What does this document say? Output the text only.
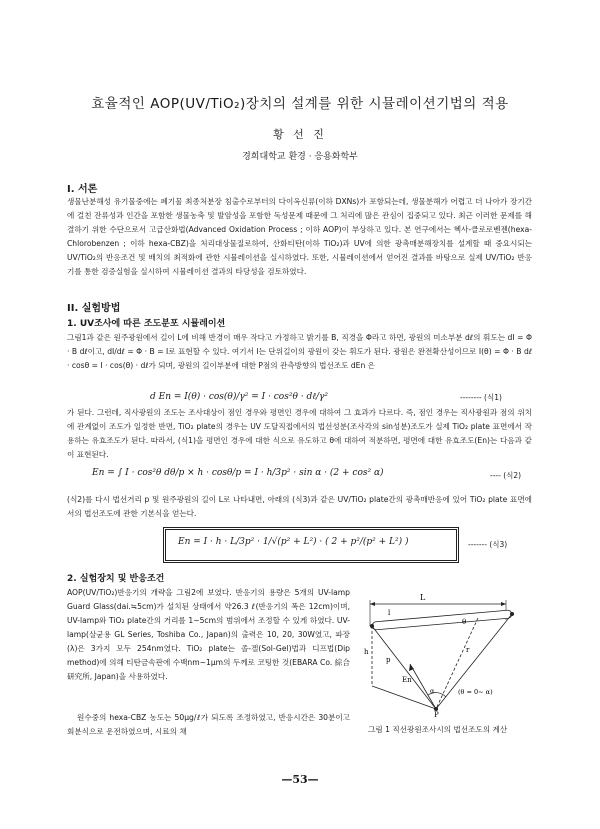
효율적인 AOP(UV/TiO₂)장치의 설계를 위한 시뮬레이션기법의 적용
황 선 진
경희대학교 환경 · 응용화학부
I. 서론

생물난분해성 유기물중에는 폐기물 최종처분장 침출수로부터의 다이옥신류(이하 DXNs)가 포함되는데, 생물분해가 어렵고 더 나아가 장기간에 걸친 잔류성과 인간을 포함한 생물농축 및 발암성을 포함한 독성문제 때문에 그 처리에 많은 관심이 집중되고 있다. 최근 이러한 문제를 해결하기 위한 수단으로서 고급산화법(Advanced Oxidation Process ; 이하 AOP)이 부상하고 있다. 본 연구에서는 헥사-클로로벤젠(hexa-Chlorobenzen ; 이하 hexa-CBZ)을 처리대상물질로하여, 산화티탄(이하 TiO₂)과 UV에 의한 광촉매분해장치를 설계할 때 중요시되는 UV/TiO₂의 반응조건 및 배치의 최적화에 관한 시뮬레이션을 실시하였다. 또한, 시뮬레이션에서 얻어진 결과를 바탕으로 실제 UV/TiO₂ 반응기를 통한 검증실험을 실시하여 시뮬레이션 결과의 타당성을 검토하였다.

II. 실험방법
1. UV조사에 따른 조도분포 시뮬레이션

그림1과 같은 원주광원에서 길이 L에 비해 반경이 매우 작다고 가정하고 밝기를 B, 직경을 Φ라고 하면, 광원의 미소부분 dℓ의 휘도는 dI = Φ · B dℓ이고, dI/dℓ = Φ · B = I로 표현할 수 있다. 여기서 I는 단위길이의 광원이 갖는 휘도가 된다. 광원은 완전확산성이므로 I(θ) = Φ · B dℓ · cosθ = I · cos(θ) · dℓ가 되며, 광원의 길이부분에 대한 P점의 관측방향의 법선조도 dEn 은

d En = I(θ) · cos(θ)/γ² = I · cos²θ · dℓ/γ²	-------- (식1)

가 된다. 그런데, 직사광원의 조도는 조사대상이 점인 경우와 평면인 경우에 대하여 그 효과가 다르다. 즉, 점인 경우는 직사광원과 점의 위치에 관계없이 조도가 일정한 반면, TiO₂ plate의 경우는 UV 도달직접에서의 법선성분(조사각의 sin성분)조도가 실제 TiO₂ plate 표면에서 작용하는 유효조도가 된다. 따라서, (식1)을 평면인 경우에 대한 식으로 유도하고 θ에 대하여 적분하면, 평면에 대한 유효조도(En)는 다음과 같이 표현된다.

En = ∫ I · cos²θ dθ/p × h · cosθ/p = I · h/3p² · sin α · (2 + cos² α)	---- (식2)

(식2)를 다시 법선거리 p 및 원주광원의 길이 L로 나타내면, 아래의 (식3)과 같은 UV/TiO₂ plate간의 광촉매반응에 있어 TiO₂ plate 표면에서의 법선조도에 관한 기본식을 얻는다.

En = I · h · L/3p² · 1/√(p² + L²) · ( 2 + p²/(p² + L²) )	------- (식3)
2. 실험장치 및 반응조건

AOP(UV/TiO₂)반응기의 개략을 그림2에 보였다. 반응기의 용량은 5개의 UV-lamp Guard Glass(dai.≒5cm)가 설치된 상태에서 약26.3 ℓ(반응기의 폭은 12cm)이며, UV-lamp와 TiO₂ plate간의 거리를 1~5cm의 범위에서 조정할 수 있게 하였다. UV-lamp(살균용 GL Series, Toshiba Co., Japan)의 출력은 10, 20, 30W였고, 파장(λ)은 3가지 모두 254nm였다. TiO₂ plate는 졸-겔(Sol-Gel)법과 디프법(Dip method)에 의해 티탄금속판에 수백nm~1μm의 두께로 코팅한 것(EBARA Co. 綜合研究所, Japan)을 사용하였다.

원수중의 hexa-CBZ 농도는 50μg/ℓ가 되도록 조정하였고, 반응시간은 30분이고 회분식으로 운전하였으며, 시료의 채

L
l
h
p
r
θ
En
α
P
(θ = 0~ α)
그림 1 직선광원조사시의 법선조도의 계산
—53—
